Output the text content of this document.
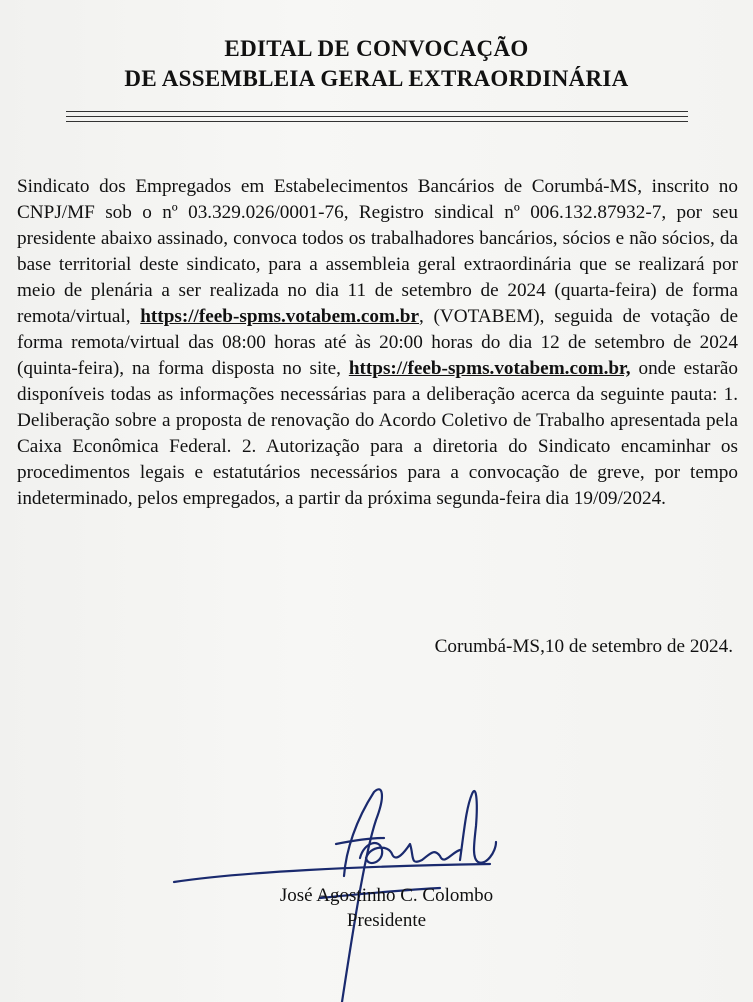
EDITAL DE CONVOCAÇÃO
DE ASSEMBLEIA GERAL EXTRAORDINÁRIA
Sindicato dos Empregados em Estabelecimentos Bancários de Corumbá-MS, inscrito no CNPJ/MF sob o nº 03.329.026/0001-76, Registro sindical nº 006.132.87932-7, por seu presidente abaixo assinado, convoca todos os trabalhadores bancários, sócios e não sócios, da base territorial deste sindicato, para a assembleia geral extraordinária que se realizará por meio de plenária a ser realizada no dia 11 de setembro de 2024 (quarta-feira) de forma remota/virtual, https://feeb-spms.votabem.com.br, (VOTABEM), seguida de votação de forma remota/virtual das 08:00 horas até às 20:00 horas do dia 12 de setembro de 2024 (quinta-feira), na forma disposta no site, https://feeb-spms.votabem.com.br, onde estarão disponíveis todas as informações necessárias para a deliberação acerca da seguinte pauta: 1. Deliberação sobre a proposta de renovação do Acordo Coletivo de Trabalho apresentada pela Caixa Econômica Federal. 2. Autorização para a diretoria do Sindicato encaminhar os procedimentos legais e estatutários necessários para a convocação de greve, por tempo indeterminado, pelos empregados, a partir da próxima segunda-feira dia 19/09/2024.
Corumbá-MS,10 de setembro de 2024.
José Agostinho C. Colombo
Presidente
